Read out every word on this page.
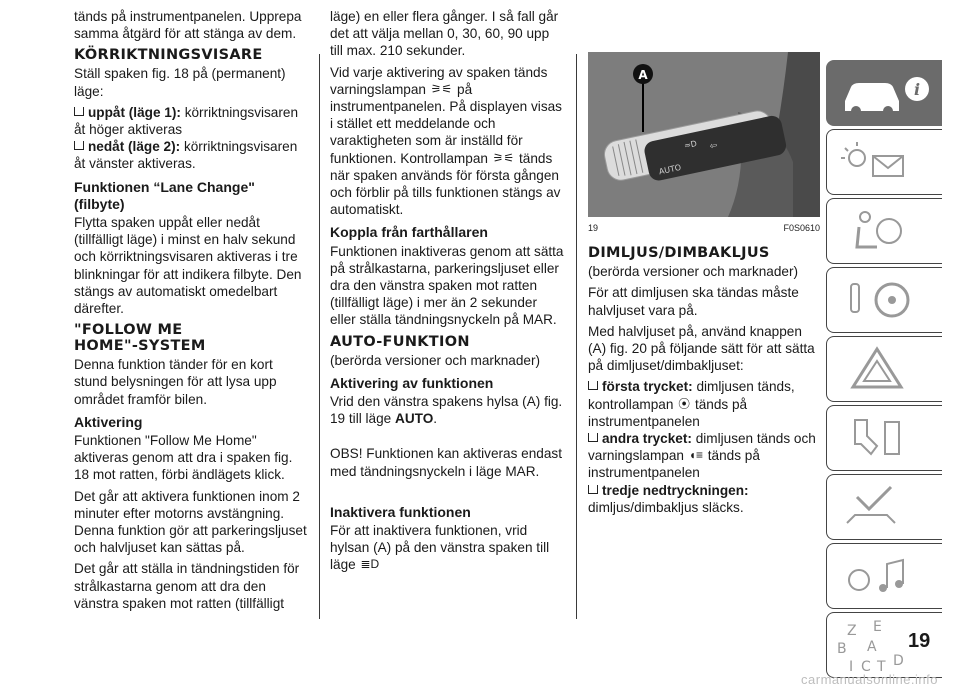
tänds på instrumentpanelen. Upprepa samma åtgärd för att stänga av dem.

KÖRRIKTNINGSVISARE

Ställ spaken fig. 18 på (permanent) läge:

uppåt (läge 1): körriktningsvisaren åt höger aktiveras
nedåt (läge 2): körriktningsvisaren åt vänster aktiveras.
Funktionen “Lane Change" (filbyte)

Flytta spaken uppåt eller nedåt (tillfälligt läge) i minst en halv sekund och körriktningsvisaren aktiveras i tre blinkningar för att indikera filbyte. Den stängs av automatiskt omedelbart därefter.

"FOLLOW ME HOME"-SYSTEM

Denna funktion tänder för en kort stund belysningen för att lysa upp området framför bilen.

Aktivering

Funktionen "Follow Me Home" aktiveras genom att dra i spaken fig. 18 mot ratten, förbi ändlägets klick.

Det går att aktivera funktionen inom 2 minuter efter motorns avstängning. Denna funktion gör att parkeringsljuset och halvljuset kan sättas på.

Det går att ställa in tändningstiden för strålkastarna genom att dra den vänstra spaken mot ratten (tillfälligt

läge) en eller flera gånger. I så fall går det att välja mellan 0, 30, 60, 90 upp till max. 210 sekunder.

Vid varje aktivering av spaken tänds varningslampan ⚞⚟ på instrumentpanelen. På displayen visas i stället ett meddelande och varaktigheten som är inställd för funktionen. Kontrollampan ⚞⚟ tänds när spaken används för första gången och förblir på tills funktionen stängs av automatiskt.

Koppla från farthållaren

Funktionen inaktiveras genom att sätta på strålkastarna, parkeringsljuset eller dra den vänstra spaken mot ratten (tillfälligt läge) i mer än 2 sekunder eller ställa tändningsnyckeln på MAR.

AUTO-FUNKTION

(berörda versioner och marknader)

Aktivering av funktionen

Vrid den vänstra spakens hylsa (A) fig. 19 till läge AUTO.

OBS! Funktionen kan aktiveras endast med tändningsnyckeln i läge MAR.

Inaktivera funktionen

För att inaktivera funktionen, vrid hylsan (A) på den vänstra spaken till läge ≣D

AUTO
⇦
≈D
A
19	F0S0610
DIMLJUS/DIMBAKLJUS

(berörda versioner och marknader)

För att dimljusen ska tändas måste halvljuset vara på.

Med halvljuset på, använd knappen (A) fig. 20 på följande sätt för att sätta på dimljuset/dimbakljuset:

första trycket: dimljusen tänds, kontrollampan ⦿ tänds på instrumentpanelen
andra trycket: dimljusen tänds och varningslampan ◖≡ tänds på instrumentpanelen
tredje nedtryckningen: dimljus/dimbakljus släcks.
i
Z E
B A
I C T D
19
carmanualsonline.info
